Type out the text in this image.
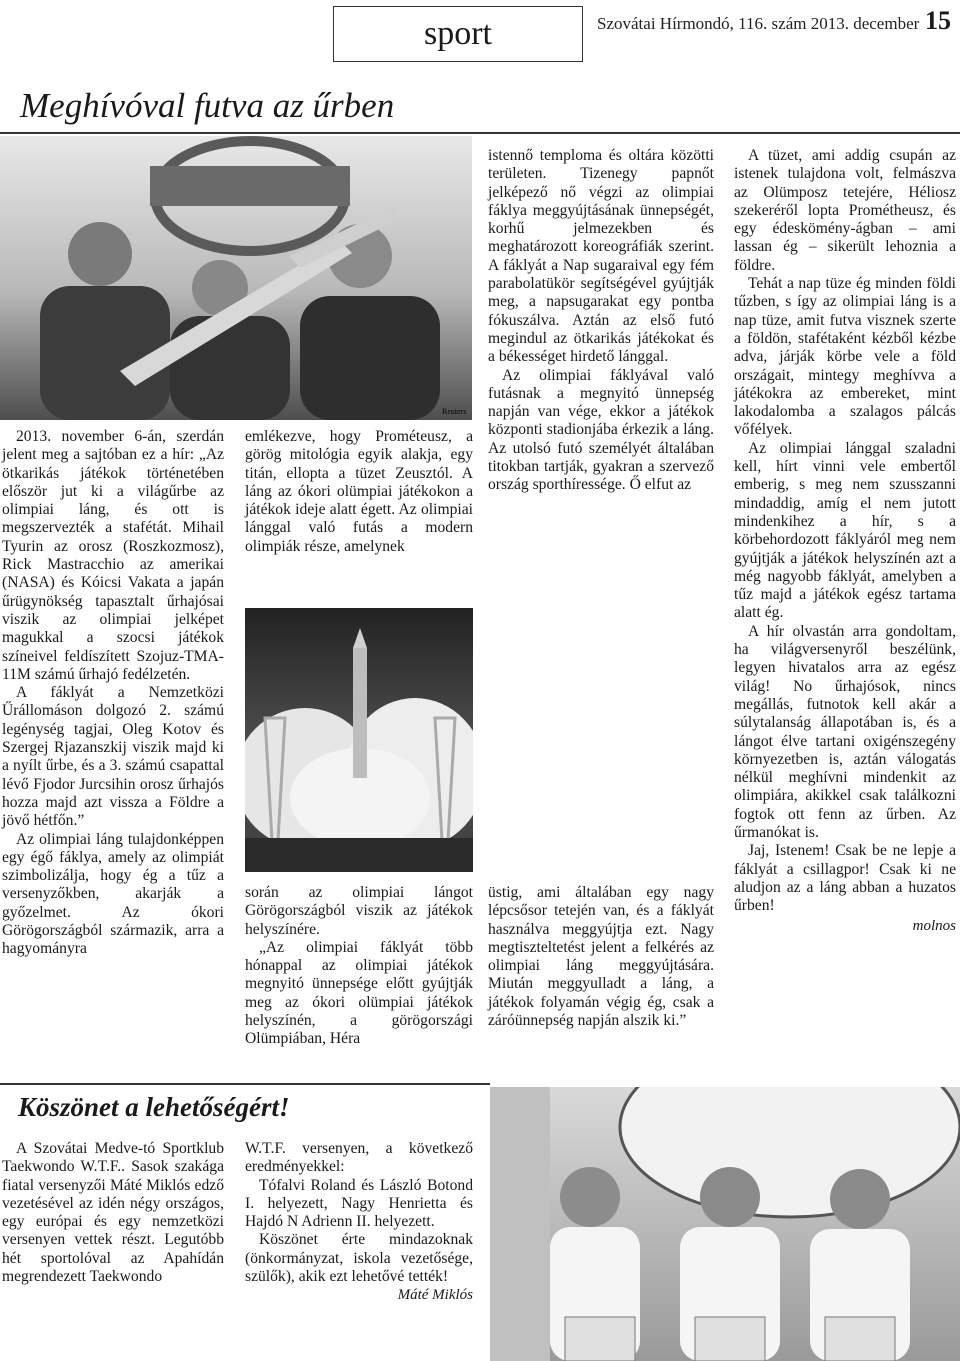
sport	Szovátai Hírmondó, 116. szám 2013. december 15
Meghívóval futva az űrben
Reuters

2013. november 6-án, szerdán jelent meg a sajtóban ez a hír: „Az ötkarikás játékok történetében először jut ki a világűrbe az olimpiai láng, és ott is megszervezték a stafétát. Mihail Tyurin az orosz (Roszkozmosz), Rick Mastracchio az amerikai (NASA) és Kóicsi Vakata a japán űrügynökség tapasztalt űrhajósai viszik az olimpiai jelképet magukkal a szocsi játékok színeivel feldíszített Szojuz-TMA-11M számú űrhajó fedélzetén.

A fáklyát a Nemzetközi Űrállomáson dolgozó 2. számú legénység tagjai, Oleg Kotov és Szergej Rjazanszkij viszik majd ki a nyílt űrbe, és a 3. számú csapattal lévő Fjodor Jurcsihin orosz űrhajós hozza majd azt vissza a Földre a jövő hétfőn.”

Az olimpiai láng tulajdonképpen egy égő fáklya, amely az olimpiát szimbolizálja, hogy ég a tűz a versenyzőkben, akarják a győzelmet. Az ókori Görögországból származik, arra a hagyományra

emlékezve, hogy Prométeusz, a görög mitológia egyik alakja, egy titán, ellopta a tüzet Zeusztól. A láng az ókori olümpiai játékokon a játékok ideje alatt égett. Az olimpiai lánggal való futás a modern olimpiák része, amelynek

során az olimpiai lángot Görögországból viszik az játékok helyszínére.

„Az olimpiai fáklyát több hónappal az olimpiai játékok megnyitó ünnepsége előtt gyújtják meg az ókori olümpiai játékok helyszínén, a görögországi Olümpiában, Héra

istennő temploma és oltára közötti területen. Tizenegy papnőt jelképező nő végzi az olimpiai fáklya meggyújtásának ünnepségét, korhű jelmezekben és meghatározott koreográfiák szerint. A fáklyát a Nap sugaraival egy fém parabolatükör segítségével gyújtják meg, a napsugarakat egy pontba fókuszálva. Aztán az első futó megindul az ötkarikás játékokat és a békességet hirdető lánggal.

Az olimpiai fáklyával való futásnak a megnyitó ünnepség napján van vége, ekkor a játékok központi stadionjába érkezik a láng. Az utolsó futó személyét általában titokban tartják, gyakran a szervező ország sporthíressége. Ő elfut az

üstig, ami általában egy nagy lépcsősor tetején van, és a fáklyát használva meggyújtja ezt. Nagy megtiszteltetést jelent a felkérés az olimpiai láng meggyújtására. Miután meggyulladt a láng, a játékok folyamán végig ég, csak a záróünnepség napján alszik ki.”

A tüzet, ami addig csupán az istenek tulajdona volt, felmászva az Olümposz tetejére, Héliosz szekeréről lopta Prométheusz, és egy édeskömény-ágban – ami lassan ég – sikerült lehoznia a földre.

Tehát a nap tüze ég minden földi tűzben, s így az olimpiai láng is a nap tüze, amit futva visznek szerte a földön, stafétaként kézből kézbe adva, járják körbe vele a föld országait, mintegy meghívva a játékokra az embereket, mint lakodalomba a szalagos pálcás vőfélyek.

Az olimpiai lánggal szaladni kell, hírt vinni vele embertől emberig, s meg nem szusszanni mindaddig, amíg el nem jutott mindenkihez a hír, s a körbehordozott fáklyáról meg nem gyújtják a játékok helyszínén azt a még nagyobb fáklyát, amelyben a tűz majd a játékok egész tartama alatt ég.

A hír olvastán arra gondoltam, ha világversenyről beszélünk, legyen hivatalos arra az egész világ! No űrhajósok, nincs megállás, futnotok kell akár a súlytalanság állapotában is, és a lángot élve tartani oxigénszegény környezetben is, aztán válogatás nélkül meghívni mindenkit az olimpiára, akikkel csak találkozni fogtok ott fenn az űrben. Az űrmanókat is.

Jaj, Istenem! Csak be ne lepje a fáklyát a csillagpor! Csak ki ne aludjon az a láng abban a huzatos űrben!

molnos
Köszönet a lehetőségért!

A Szovátai Medve-tó Sportklub Taekwondo W.T.F.. Sasok szakága fiatal versenyzői Máté Miklós edző vezetésével az idén négy országos, egy európai és egy nemzetközi versenyen vettek részt. Legutóbb hét sportolóval az Apahídán megrendezett Taekwondo

W.T.F. versenyen, a következő eredményekkel:

Tófalvi Roland és László Botond I. helyezett, Nagy Henrietta és Hajdó N Adrienn II. helyezett.

Köszönet érte mindazoknak (önkormányzat, iskola vezetősége, szülők), akik ezt lehetővé tették!

Máté Miklós
